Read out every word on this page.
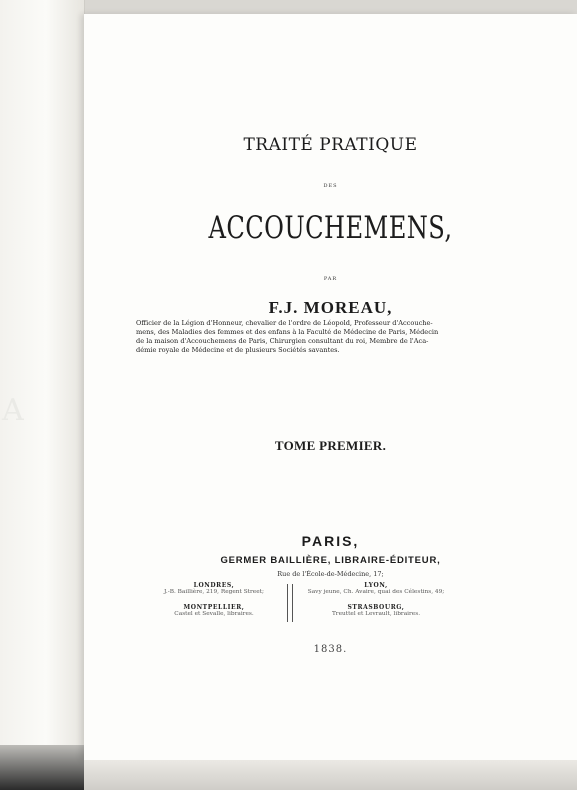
A
TRAITÉ PRATIQUE
DES
ACCOUCHEMENS,
PAR
F.J. MOREAU,
Officier de la Légion d'Honneur, chevalier de l'ordre de Léopold, Professeur d'Accouche-
mens, des Maladies des femmes et des enfans à la Faculté de Médecine de Paris, Médecin
de la maison d'Accouchemens de Paris, Chirurgien consultant du roi, Membre de l'Aca-
démie royale de Médecine et de plusieurs Sociétés savantes.
TOME PREMIER.
PARIS,
GERMER BAILLIÈRE, LIBRAIRE-ÉDITEUR,
Rue de l'École-de-Médecine, 17;
LONDRES,
J.-B. Baillière, 219, Regent Street;
MONTPELLIER,
Castel et Sevalle, libraires.
LYON,
Savy jeune, Ch. Avaire, quai des Célestins, 49;
STRASBOURG,
Treuttel et Levrault, libraires.
1838.
